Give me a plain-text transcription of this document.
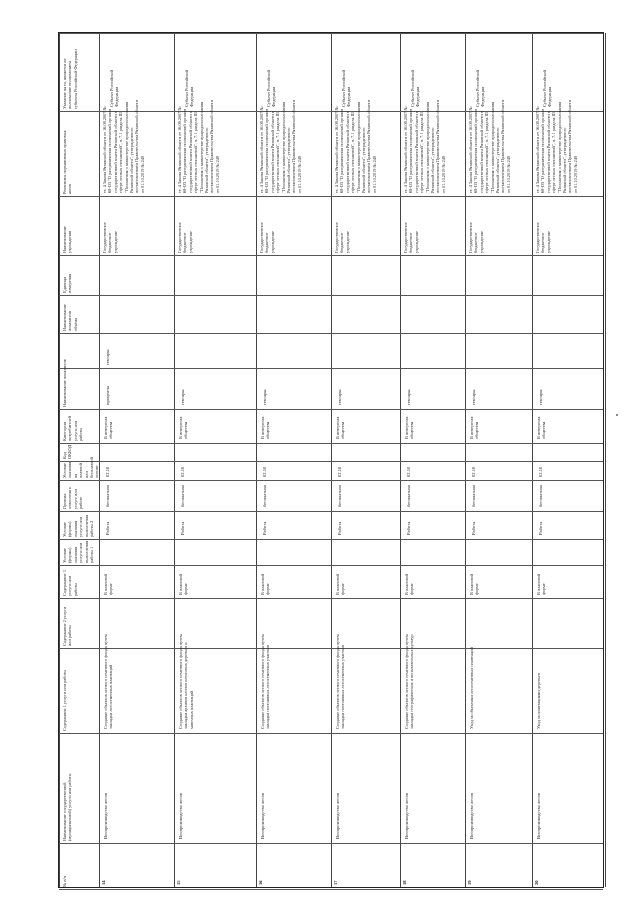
№ п/п
Наименование государственной
(муниципальной) услуги или работы
Содержание 1 услуги или работы
Содержание 2 услуги
или работы
Содержание 3
услуги или
работы
Условие
(формы)
оказания
услуги или
выполнения
работы 1
Условие
(формы)
оказания
услуги или
выполнения
работы 2
Признак
отнесения к
услуге или
работе
Условие
оказания
на
платной
или
бесплатной
основе
Код
ОКВЭД
Категории
потребителей
услуги или
работы
Наименование показателя
Наименование
показателя
объёма
Единица
измерения
Наименование
учреждения
Реквизиты нормативных правовых
актов
Указание на то, является ли
полномочие полномочием
субъекта Российской Федерации
14
Воспроизводство лесов
Создание объектов лесного семенного фонда путем
закладки лесосеменных плантаций
В плановой
форме
Работа
бесплатная
02.10
В интересах
общества
проценты
гектары
Государственное
бюджетное
учреждение
ст. 4 Закона Рязанской области от 16.08.2007 №
68-ОЗ "О разграничении полномочий органов
государственной власти Рязанской области в
сфере лесных отношений", п. 7.1 раздела III
"Положения о министерстве природопользования
Рязанской области", утвержденного
постановлением Правительства Рязанской области
от 01.10.2019 № 249
Субъект Российской
Федерации
15
Воспроизводство лесов
Создание объектов лесного семенного фонда путем
закладки архивов клонов плюсовых деревьев и
маточных плантаций
В плановой
форме
Работа
бесплатная
02.10
В интересах
общества
гектары
Государственное
бюджетное
учреждение
ст. 4 Закона Рязанской области от 16.08.2007 №
68-ОЗ "О разграничении полномочий органов
государственной власти Рязанской области в
сфере лесных отношений", п. 7.1 раздела III
"Положения о министерстве природопользования
Рязанской области", утвержденного
постановлением Правительства Рязанской области
от 01.10.2019 № 249
Субъект Российской
Федерации
16
Воспроизводство лесов
Создание объектов лесного семенного фонда путем
закладки постоянных лесосеменных участков
В плановой
форме
Работа
бесплатная
02.10
В интересах
общества
гектары
Государственное
бюджетное
учреждение
ст. 4 Закона Рязанской области от 16.08.2007 №
68-ОЗ "О разграничении полномочий органов
государственной власти Рязанской области в
сфере лесных отношений", п. 7.1 раздела III
"Положения о министерстве природопользования
Рязанской области", утвержденного
постановлением Правительства Рязанской области
от 01.10.2019 № 249
Субъект Российской
Федерации
17
Воспроизводство лесов
Создание объектов лесного семенного фонда путем
закладки постоянных лесосеменных участков
В плановой
форме
Работа
бесплатная
02.10
В интересах
общества
гектары
Государственное
бюджетное
учреждение
ст. 4 Закона Рязанской области от 16.08.2007 №
68-ОЗ "О разграничении полномочий органов
государственной власти Рязанской области в
сфере лесных отношений", п. 7.1 раздела III
"Положения о министерстве природопользования
Рязанской области", утвержденного
постановлением Правительства Рязанской области
от 01.10.2019 № 249
Субъект Российской
Федерации
18
Воспроизводство лесов
Создание объектов лесного семенного фонда путем
закладки географических и испытательных культур
В плановой
форме
Работа
бесплатная
02.10
В интересах
общества
гектары
Государственное
бюджетное
учреждение
ст. 4 Закона Рязанской области от 16.08.2007 №
68-ОЗ "О разграничении полномочий органов
государственной власти Рязанской области в
сфере лесных отношений", п. 7.1 раздела III
"Положения о министерстве природопользования
Рязанской области", утвержденного
постановлением Правительства Рязанской области
от 01.10.2019 № 249
Субъект Российской
Федерации
19
Воспроизводство лесов
Уход за объектами лесосеменных плантаций
В плановой
форме
Работа
бесплатная
02.10
В интересах
общества
гектары
Государственное
бюджетное
учреждение
ст. 4 Закона Рязанской области от 16.08.2007 №
68-ОЗ "О разграничении полномочий органов
государственной власти Рязанской области в
сфере лесных отношений", п. 7.1 раздела III
"Положения о министерстве природопользования
Рязанской области", утвержденного
постановлением Правительства Рязанской области
от 01.10.2019 № 249
Субъект Российской
Федерации
20
Воспроизводство лесов
Уход за плантациями деревьев
В плановой
форме
Работа
бесплатная
02.10
В интересах
общества
гектары
Государственное
бюджетное
учреждение
ст. 4 Закона Рязанской области от 16.08.2007 №
68-ОЗ "О разграничении полномочий органов
государственной власти Рязанской области в
сфере лесных отношений", п. 7.1 раздела III
"Положения о министерстве природопользования
Рязанской области", утвержденного
постановлением Правительства Рязанской области
от 01.10.2019 № 249
Субъект Российской
Федерации
